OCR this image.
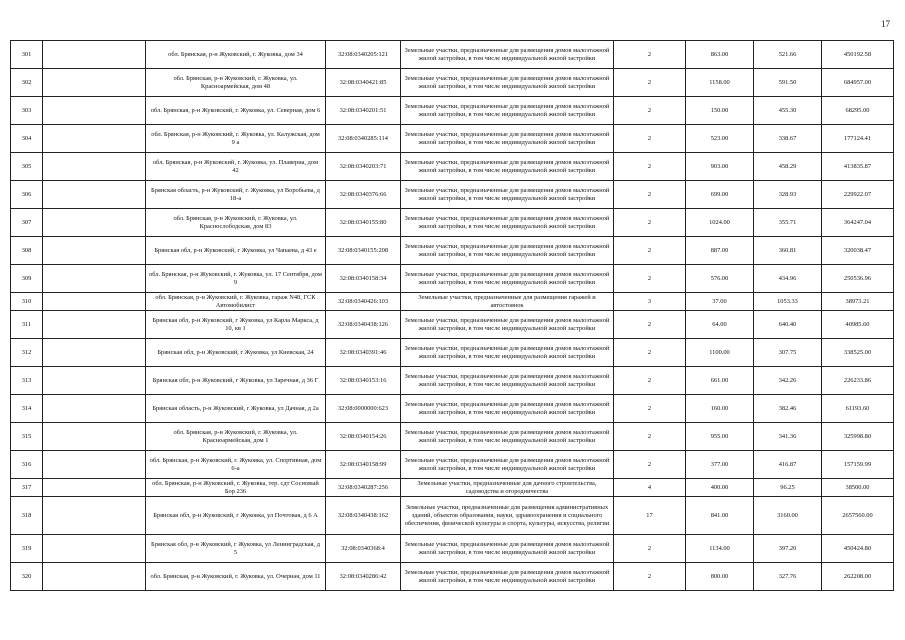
17
301		обл. Брянская, р-н Жуковский, г. Жуковка, дом 34	32:08:0340205:121	Земельные участки, предназначенные для размещения домов малоэтажной жилой застройки, в том числе индивидуальной жилой застройки	2	863.00	521.66	450192.58
302		обл. Брянская, р-н Жуковский, г. Жуковка, ул. Красноармейская, дом 48	32:08:0340421:85	Земельные участки, предназначенные для размещения домов малоэтажной жилой застройки, в том числе индивидуальной жилой застройки	2	1158.00	591.50	684957.00
303		обл. Брянская, р-н Жуковский, г. Жуковка, ул. Северная, дом 6	32:08:0340201:51	Земельные участки, предназначенные для размещения домов малоэтажной жилой застройки, в том числе индивидуальной жилой застройки	2	150.00	455.30	68295.00
304		обл. Брянская, р-н Жуковский, г. Жуковка, ул. Калужская, дом 9 а	32:08:0340285:114	Земельные участки, предназначенные для размещения домов малоэтажной жилой застройки, в том числе индивидуальной жилой застройки	2	523.00	338.67	177124.41
305		обл. Брянская, р-н Жуковский, г. Жуковка, ул. Плавериа, дом 42	32:08:0340203:71	Земельные участки, предназначенные для размещения домов малоэтажной жилой застройки, в том числе индивидуальной жилой застройки	2	903.00	458.29	413835.87
306		Брянская область, р-н Жуковский, г. Жуковка, ул Воробьева, д 18-а	32:08:0340376:66	Земельные участки, предназначенные для размещения домов малоэтажной жилой застройки, в том числе индивидуальной жилой застройки	2	699.00	328.93	229922.07
307		обл. Брянская, р-н Жуковский, г. Жуковка, ул. Краснослободская, дом 83	32:08:0340155:80	Земельные участки, предназначенные для размещения домов малоэтажной жилой застройки, в том числе индивидуальной жилой застройки	2	1024.00	355.71	364247.04
308		Брянская обл, р-н Жуковский, г Жуковка, ул Чапаева, д 43 е	32:08:0340155:208	Земельные участки, предназначенные для размещения домов малоэтажной жилой застройки, в том числе индивидуальной жилой застройки	2	887.00	360.81	320038.47
309		обл. Брянская, р-н Жуковский, г. Жуковка, ул. 17 Сентября, дом 9	32:08:0340158:34	Земельные участки, предназначенные для размещения домов малоэтажной жилой застройки, в том числе индивидуальной жилой застройки	2	576.00	434.96	250536.96
310		обл. Брянская, р-н Жуковский, г. Жуковка, гараж N48, ГСК Автомобилист	32:08:0340426:103	Земельные участки, предназначенные для размещения гаражей и автостоянок	3	37.00	1053.33	38973.21
311		Брянская обл, р-н Жуковский, г Жуковка, ул Карла Маркса, д 10, кв 1	32:08:0340438:126	Земельные участки, предназначенные для размещения домов малоэтажной жилой застройки, в том числе индивидуальной жилой застройки	2	64.00	640.40	40985.60
312		Брянская обл, р-н Жуковский, г Жуковка, ул Киевская, 24	32:08:0340391:46	Земельные участки, предназначенные для размещения домов малоэтажной жилой застройки, в том числе индивидуальной жилой застройки	2	1100.00	307.75	338525.00
313		Брянская обл, р-н Жуковский, г Жуковка, ул Заречная, д 36 Г	32:08:0340153:16	Земельные участки, предназначенные для размещения домов малоэтажной жилой застройки, в том числе индивидуальной жилой застройки	2	661.00	342.26	226233.86
314		Брянская область, р-н Жуковский, г Жуковка, ул Дачная, д 2а	32:08:0000000:623	Земельные участки, предназначенные для размещения домов малоэтажной жилой застройки, в том числе индивидуальной жилой застройки	2	160.00	382.46	61193.60
315		обл. Брянская, р-н Жуковский, г. Жуковка, ул. Красноармейская, дом 1	32:08:0340154:26	Земельные участки, предназначенные для размещения домов малоэтажной жилой застройки, в том числе индивидуальной жилой застройки	2	955.00	341.36	325998.80
316		обл. Брянская, р-н Жуковский, г. Жуковка, ул. Спортивная, дом 6-а	32:08:0340158:99	Земельные участки, предназначенные для размещения домов малоэтажной жилой застройки, в том числе индивидуальной жилой застройки	2	377.00	416.87	157159.99
317		обл. Брянская, р-н Жуковский, г. Жуковка, тер. сдт Сосновый Бор 236	32:08:0340287:256	Земельные участки, предназначенные для дачного строительства, садоводства и огородничества	4	400.00	96.25	38500.00
318		Брянская обл, р-н Жуковский, г Жуковка, ул Почтовая, д 6 А	32:08:0340438:162	Земельные участки, предназначенные для размещения административных зданий, объектов образования, науки, здравоохранения и социального обеспечения, физической культуры и спорта, культуры, искусства, религии	17	841.00	3160.00	2657560.00
319		Брянская обл, р-н Жуковский, г Жуковка, ул Ленинградская, д 5	32:08:0340368:4	Земельные участки, предназначенные для размещения домов малоэтажной жилой застройки, в том числе индивидуальной жилой застройки	2	1134.00	397.20	450424.80
320		обл. Брянская, р-н Жуковский, г. Жуковка, ул. Очерная, дом 11	32:08:0340286:42	Земельные участки, предназначенные для размещения домов малоэтажной жилой застройки, в том числе индивидуальной жилой застройки	2	800.00	327.76	262208.00
